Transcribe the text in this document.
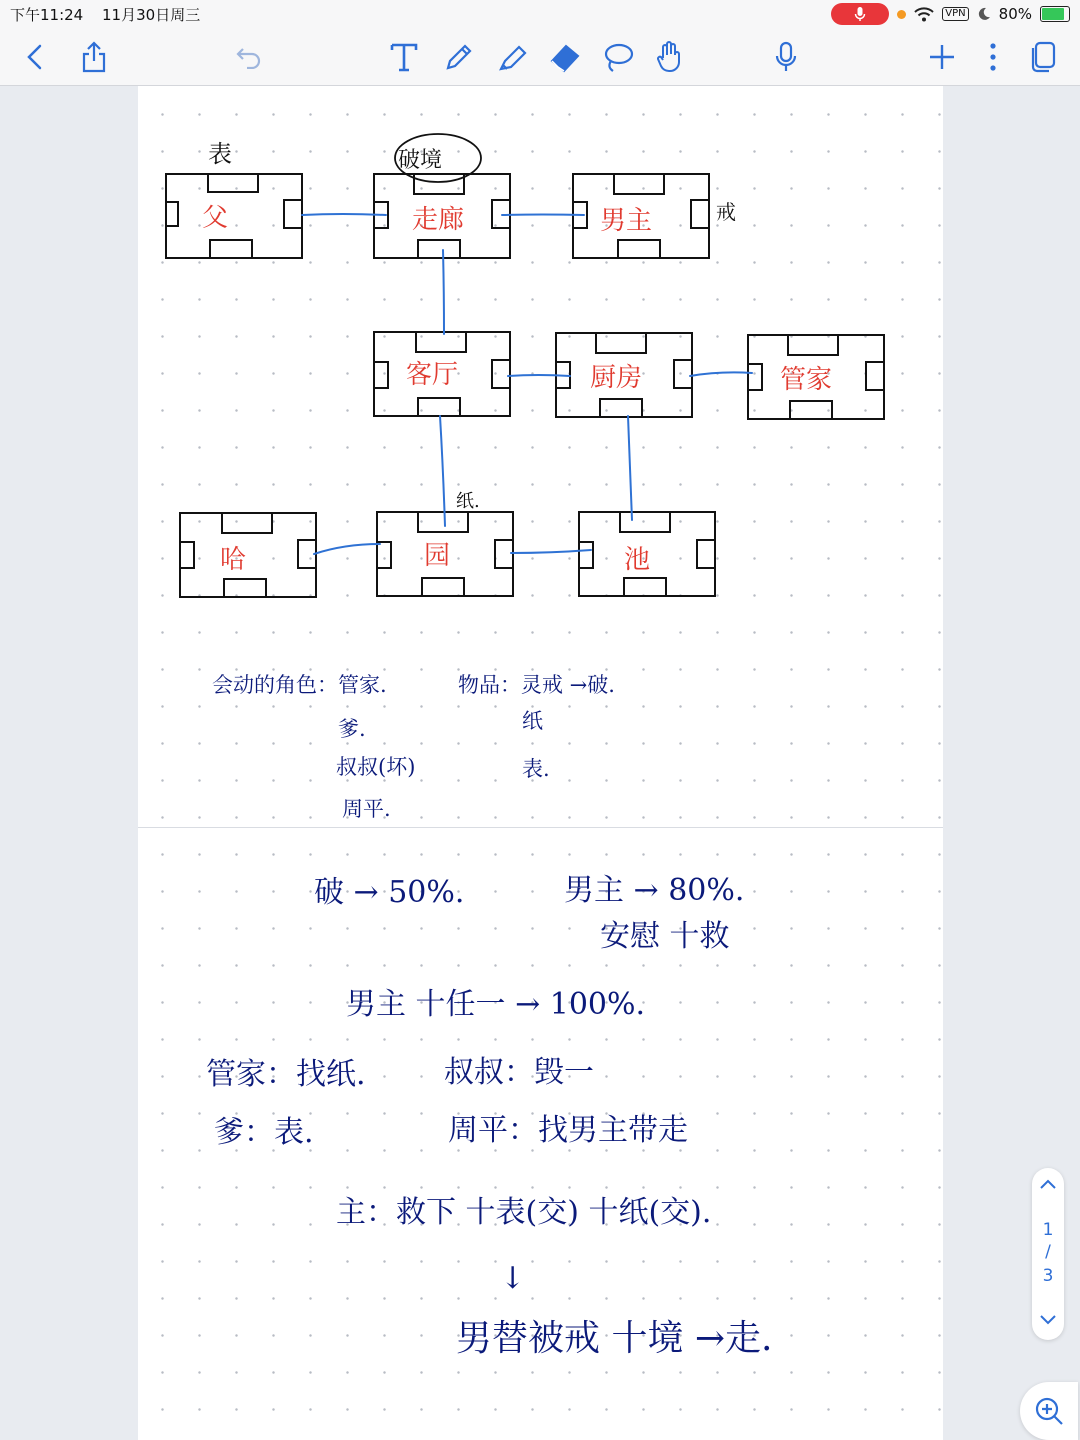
下午11:24 11月30日周三	VPN 80%
父	走廊	男主
客厅	厨房	管家
哈	园	池
表	破境
戒
纸.
会动的角色：管家.
爹.
叔叔(坏)
周平.
物品：灵戒 →破.
纸
表.
破 → 50%.	男主 → 80%.
安慰 十救
男主 十任一 → 100%.
管家：找纸.	叔叔：毁一
爹：表.	周平：找男主带走
主：救下 十表(交) 十纸(交).
↓
男替被戒 十境 →走.
1
/
3
